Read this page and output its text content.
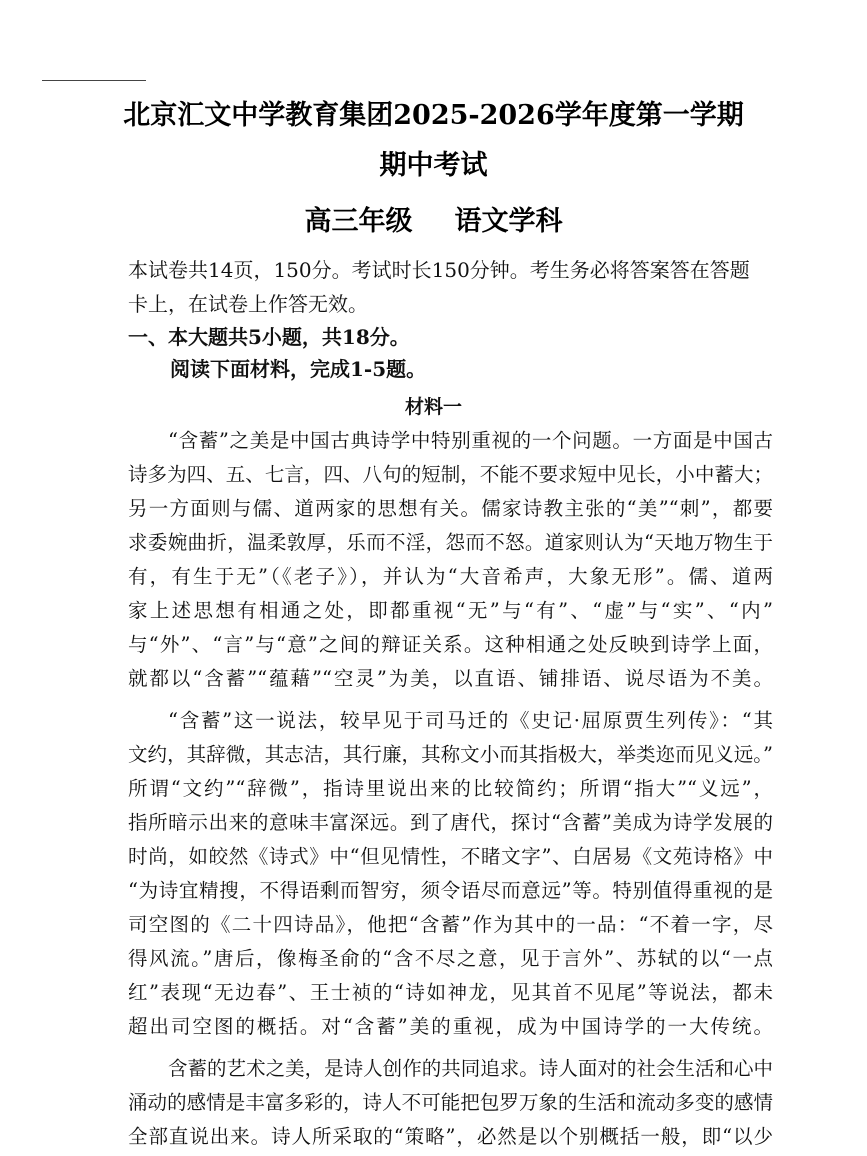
北京汇文中学教育集团2025-2026学年度第一学期
期中考试
高三年级 语文学科
本试卷共14页，150分。考试时长150分钟。考生务必将答案答在答题
卡上，在试卷上作答无效。
一、本大题共5小题，共18分。
阅读下面材料，完成1-5题。
材料一
“含蓄”之美是中国古典诗学中特别重视的一个问题。一方面是中国古
诗多为四、五、七言，四、八句的短制，不能不要求短中见长，小中蓄大；
另一方面则与儒、道两家的思想有关。儒家诗教主张的“美”“刺”，都要
求委婉曲折，温柔敦厚，乐而不淫，怨而不怒。道家则认为“天地万物生于
有，有生于无”（《老子》），并认为“大音希声，大象无形”。儒、道两
家上述思想有相通之处，即都重视“无”与“有”、“虚”与“实”、“内”
与“外”、“言”与“意”之间的辩证关系。这种相通之处反映到诗学上面，
就都以“含蓄”“蕴藉”“空灵”为美，以直语、铺排语、说尽语为不美。
“含蓄”这一说法，较早见于司马迁的《史记·屈原贾生列传》：“其
文约，其辞微，其志洁，其行廉，其称文小而其指极大，举类迩而见义远。”
所谓“文约”“辞微”，指诗里说出来的比较简约；所谓“指大”“义远”，
指所暗示出来的意味丰富深远。到了唐代，探讨“含蓄”美成为诗学发展的
时尚，如皎然《诗式》中“但见情性，不睹文字”、白居易《文苑诗格》中
“为诗宜精搜，不得语剩而智穷，须令语尽而意远”等。特别值得重视的是
司空图的《二十四诗品》，他把“含蓄”作为其中的一品：“不着一字，尽
得风流。”唐后，像梅圣俞的“含不尽之意，见于言外”、苏轼的以“一点
红”表现“无边春”、王士祯的“诗如神龙，见其首不见尾”等说法，都未
超出司空图的概括。对“含蓄”美的重视，成为中国诗学的一大传统。
含蓄的艺术之美，是诗人创作的共同追求。诗人面对的社会生活和心中
涌动的感情是丰富多彩的，诗人不可能把包罗万象的生活和流动多变的感情
全部直说出来。诗人所采取的“策略”，必然是以个别概括一般，即“以少
